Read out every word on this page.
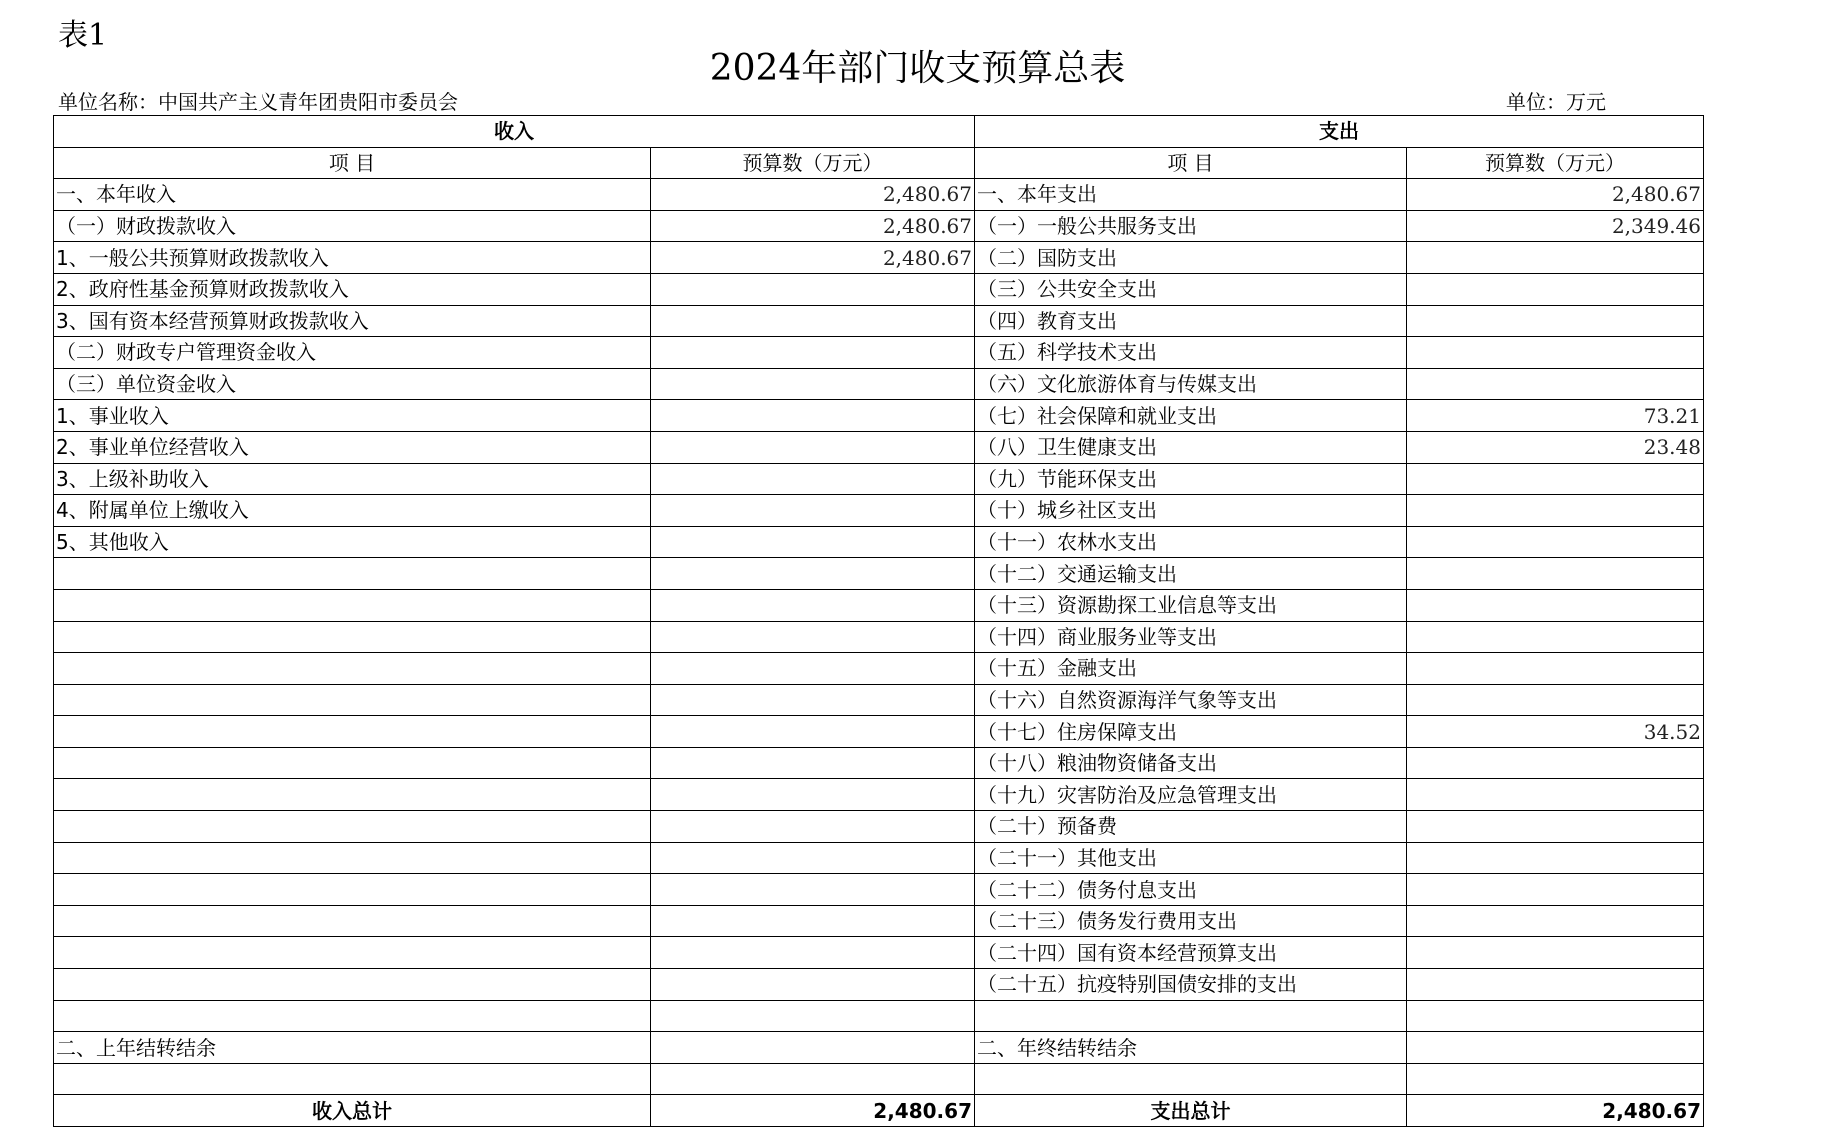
表1
2024年部门收支预算总表
单位名称：中国共产主义青年团贵阳市委员会	单位：万元
收入		支出	
项 目	预算数（万元）	项 目	预算数（万元）
一、本年收入	2,480.67	一、本年支出	2,480.67
（一）财政拨款收入	2,480.67	（一）一般公共服务支出	2,349.46
1、一般公共预算财政拨款收入	2,480.67	（二）国防支出	
2、政府性基金预算财政拨款收入		（三）公共安全支出	
3、国有资本经营预算财政拨款收入		（四）教育支出	
（二）财政专户管理资金收入		（五）科学技术支出	
（三）单位资金收入		（六）文化旅游体育与传媒支出	
1、事业收入		（七）社会保障和就业支出	73.21
2、事业单位经营收入		（八）卫生健康支出	23.48
3、上级补助收入		（九）节能环保支出	
4、附属单位上缴收入		（十）城乡社区支出	
5、其他收入		（十一）农林水支出	
		（十二）交通运输支出	
		（十三）资源勘探工业信息等支出	
		（十四）商业服务业等支出	
		（十五）金融支出	
		（十六）自然资源海洋气象等支出	
		（十七）住房保障支出	34.52
		（十八）粮油物资储备支出	
		（十九）灾害防治及应急管理支出	
		（二十）预备费	
		（二十一）其他支出	
		（二十二）债务付息支出	
		（二十三）债务发行费用支出	
		（二十四）国有资本经营预算支出	
		（二十五）抗疫特别国债安排的支出	

二、上年结转结余		二、年终结转结余	

收入总计	2,480.67	支出总计	2,480.67
